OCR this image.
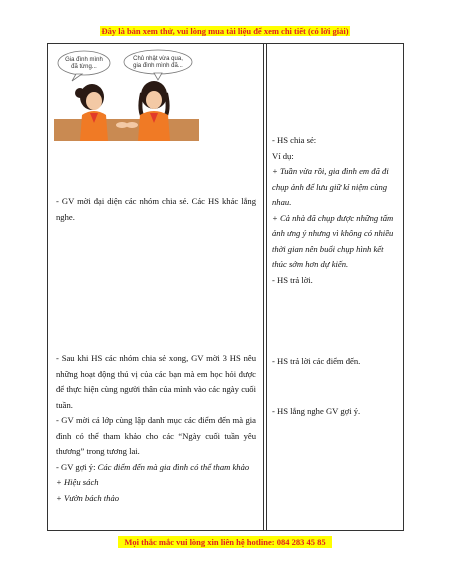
Đây là bản xem thử, vui lòng mua tài liệu để xem chi tiết (có lời giải)
Gia đình mình
đã từng...
Chủ nhật vừa qua,
gia đình mình đã...

- GV mời đại diện các nhóm chia sẻ. Các HS khác lắng nghe.

- Sau khi HS các nhóm chia sẻ xong, GV mời 3 HS nêu những hoạt động thú vị của các bạn mà em học hỏi được để thực hiện cùng người thân của mình vào các ngày cuối tuần.

- GV mời cả lớp cùng lập danh mục các điểm đến mà gia đình có thể tham khảo cho các “Ngày cuối tuần yêu thương” trong tương lai.

- GV gợi ý: Các điểm đến mà gia đình có thể tham khảo

+ Hiệu sách

+ Vườn bách thảo

- HS chia sẻ:

Ví dụ:

+ Tuần vừa rồi, gia đình em đã đi chụp ảnh để lưu giữ kỉ niệm cùng nhau.

+ Cả nhà đã chụp được những tấm ảnh ưng ý nhưng vì không có nhiều thời gian nên buổi chụp hình kết thúc sớm hơn dự kiến.

- HS trả lời.

- HS trả lời các điểm đến.

- HS lắng nghe GV gợi ý.

Mọi thắc mắc vui lòng xin liên hệ hotline: 084 283 45 85
